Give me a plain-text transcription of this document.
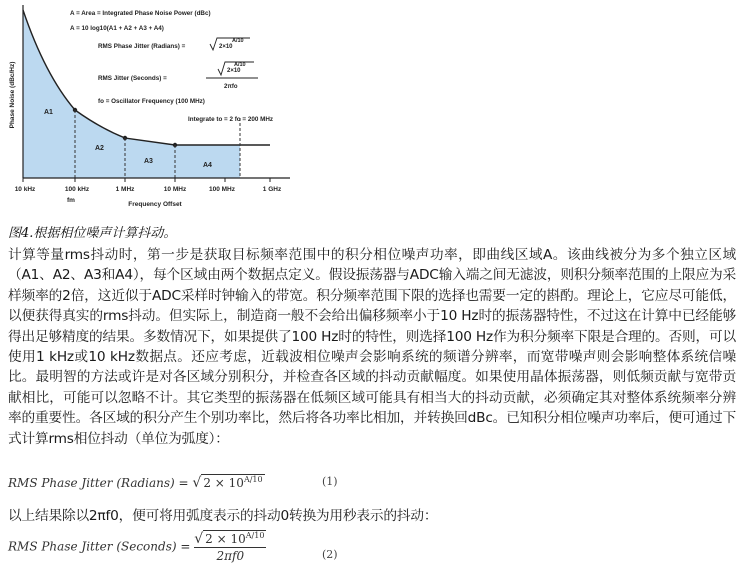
10 kHz	100 kHz	1 MHz	10 MHz	100 MHz	1 GHz
fm
Frequency Offset
Phase Noise (dBc/Hz)	A1
A2
A3
A4
A = Area = Integrated Phase Noise Power (dBc)
A = 10 log10(A1 + A2 + A3 + A4)
RMS Phase Jitter (Radians) =
RMS Jitter (Seconds) =
fo = Oscillator Frequency (100 MHz)
Integrate to = 2 fo = 200 MHz
2×10
A/10
2×10
A/10
2πfo
图4.根据相位噪声计算抖动。

计算等量rms抖动时，第一步是获取目标频率范围中的积分相位噪声功率，即曲线区域A。该曲线被分为多个独立区域（A1、A2、A3和A4），每个区域由两个数据点定义。假设振荡器与ADC输入端之间无滤波，则积分频率范围的上限应为采样频率的2倍，这近似于ADC采样时钟输入的带宽。积分频率范围下限的选择也需要一定的斟酌。理论上，它应尽可能低，以便获得真实的rms抖动。但实际上，制造商一般不会给出偏移频率小于10 Hz时的振荡器特性，不过这在计算中已经能够得出足够精度的结果。多数情况下，如果提供了100 Hz时的特性，则选择100 Hz作为积分频率下限是合理的。否则，可以使用1 kHz或10 kHz数据点。还应考虑，近载波相位噪声会影响系统的频谱分辨率，而宽带噪声则会影响整体系统信噪比。最明智的方法或许是对各区域分别积分，并检查各区域的抖动贡献幅度。如果使用晶体振荡器，则低频贡献与宽带贡献相比，可能可以忽略不计。其它类型的振荡器在低频区域可能具有相当大的抖动贡献，必须确定其对整体系统频率分辨率的重要性。各区域的积分产生个别功率比，然后将各功率比相加，并转换回dBc。已知积分相位噪声功率后，便可通过下式计算rms相位抖动（单位为弧度）：

RMS Phase Jitter (Radians) = √ $2 \times 10^{A/10}$	(1)
以上结果除以2πf0，便可将用弧度表示的抖动0转换为用秒表示的抖动：
RMS Phase Jitter (Seconds) = $\frac{√ 2 \times 10^{A/10}}{2\pi f0}$	(2)
